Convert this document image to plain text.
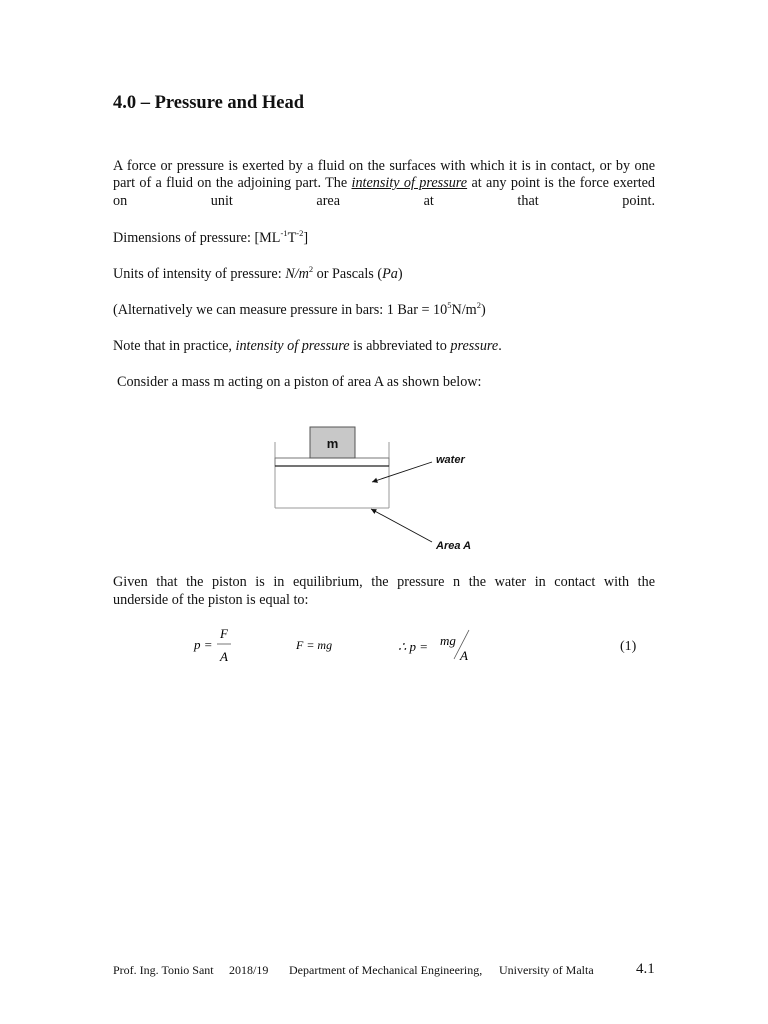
4.0 – Pressure and Head
A force or pressure is exerted by a fluid on the surfaces with which it is in contact, or by one part of a fluid on the adjoining part. The intensity of pressure at any point is the force exerted on unit area at that point.
Dimensions of pressure: $[ML^{-1}T^{-2}]$
Units of intensity of pressure: $N/m^2$ or Pascals (Pa)
(Alternatively we can measure pressure in bars: 1 Bar = $10^5N/m^2$)
Note that in practice, intensity of pressure is abbreviated to pressure.
Consider a mass m acting on a piston of area A as shown below:
m
water
Area A
Given that the piston is in equilibrium, the pressure n the water in contact with the
underside of the piston is equal to:
p =
F
A
F = mg	∴ p = mg
A
(1)
Prof. Ing. Tonio Sant 2018/19 Department of Mechanical Engineering, University of Malta	4.1
